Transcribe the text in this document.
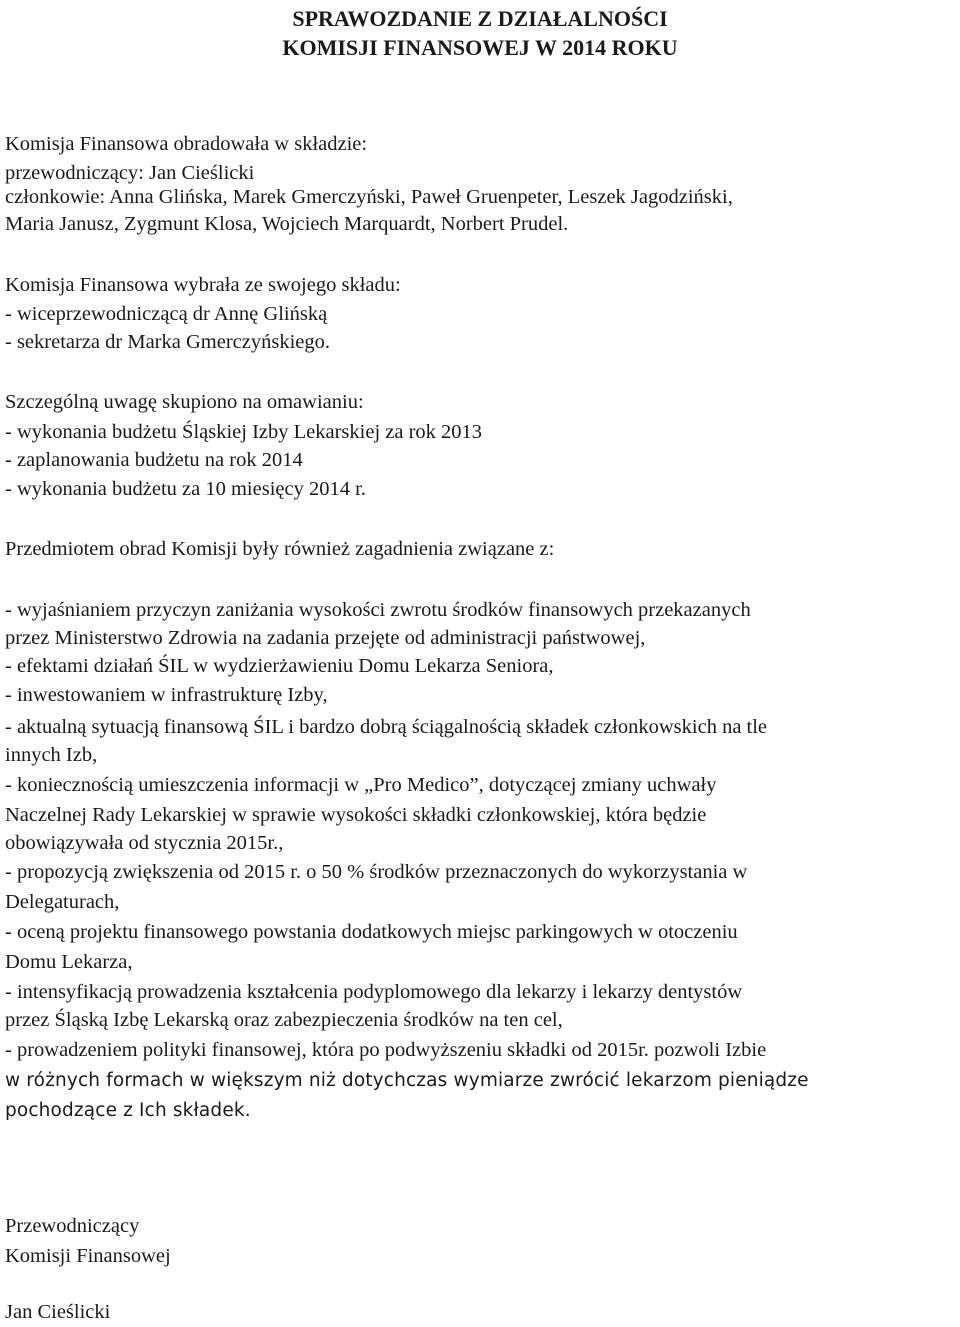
SPRAWOZDANIE Z DZIAŁALNOŚCI
KOMISJI FINANSOWEJ W 2014 ROKU

Komisja Finansowa obradowała w składzie:

przewodniczący: Jan Cieślicki

członkowie: Anna Glińska, Marek Gmerczyński, Paweł Gruenpeter, Leszek Jagodziński,

Maria Janusz, Zygmunt Klosa, Wojciech Marquardt, Norbert Prudel.

Komisja Finansowa wybrała ze swojego składu:

- wiceprzewodniczącą dr Annę Glińską

- sekretarza dr Marka Gmerczyńskiego.

Szczególną uwagę skupiono na omawianiu:

- wykonania budżetu Śląskiej Izby Lekarskiej za rok 2013

- zaplanowania budżetu na rok 2014

- wykonania budżetu za 10 miesięcy 2014 r.

Przedmiotem obrad Komisji były również zagadnienia związane z:

- wyjaśnianiem przyczyn zaniżania wysokości zwrotu środków finansowych przekazanych

przez Ministerstwo Zdrowia na zadania przejęte od administracji państwowej,

- efektami działań ŚIL w wydzierżawieniu Domu Lekarza Seniora,

- inwestowaniem w infrastrukturę Izby,

- aktualną sytuacją finansową ŚIL i bardzo dobrą ściągalnością składek członkowskich na tle

innych Izb,

- koniecznością umieszczenia informacji w „Pro Medico”, dotyczącej zmiany uchwały

Naczelnej Rady Lekarskiej w sprawie wysokości składki członkowskiej, która będzie

obowiązywała od stycznia 2015r.,

- propozycją zwiększenia od 2015 r. o 50 % środków przeznaczonych do wykorzystania w

Delegaturach,

- oceną projektu finansowego powstania dodatkowych miejsc parkingowych w otoczeniu

Domu Lekarza,

- intensyfikacją prowadzenia kształcenia podyplomowego dla lekarzy i lekarzy dentystów

przez Śląską Izbę Lekarską oraz zabezpieczenia środków na ten cel,

- prowadzeniem polityki finansowej, która po podwyższeniu składki od 2015r. pozwoli Izbie

w różnych formach w większym niż dotychczas wymiarze zwrócić lekarzom pieniądze

pochodzące z Ich składek.

Przewodniczący

Komisji Finansowej

Jan Cieślicki
